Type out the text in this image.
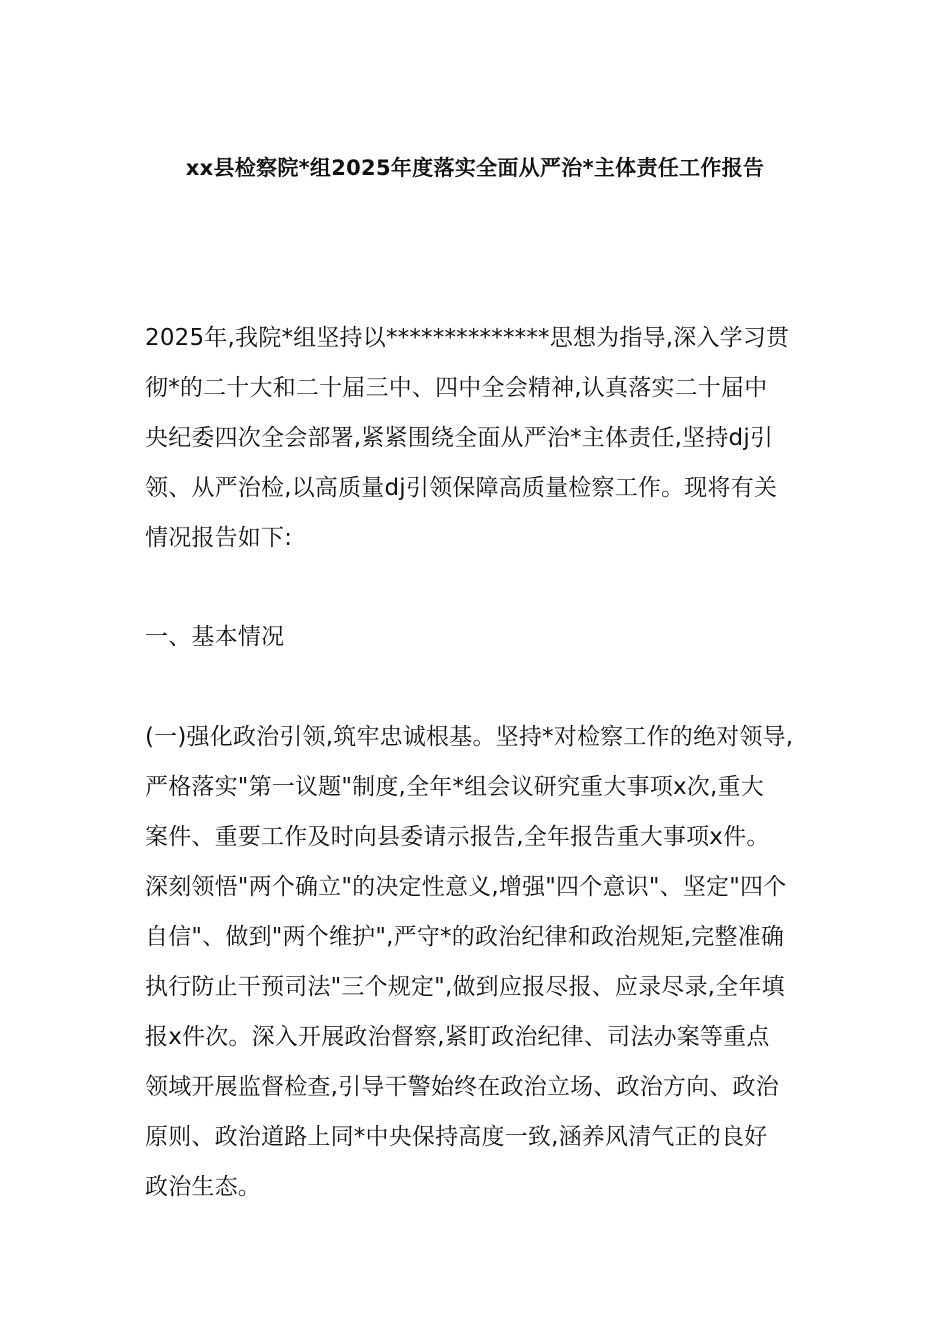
xx县检察院*组2025年度落实全面从严治*主体责任工作报告
2025年,我院*组坚持以**************思想为指导,深入学习贯
彻*的二十大和二十届三中、四中全会精神,认真落实二十届中
央纪委四次全会部署,紧紧围绕全面从严治*主体责任,坚持dj引
领、从严治检,以高质量dj引领保障高质量检察工作。现将有关
情况报告如下:
一、基本情况
(一)强化政治引领,筑牢忠诚根基。坚持*对检察工作的绝对领导,
严格落实"第一议题"制度,全年*组会议研究重大事项x次,重大
案件、重要工作及时向县委请示报告,全年报告重大事项x件。
深刻领悟"两个确立"的决定性意义,增强"四个意识"、坚定"四个
自信"、做到"两个维护",严守*的政治纪律和政治规矩,完整准确
执行防止干预司法"三个规定",做到应报尽报、应录尽录,全年填
报x件次。深入开展政治督察,紧盯政治纪律、司法办案等重点
领域开展监督检查,引导干警始终在政治立场、政治方向、政治
原则、政治道路上同*中央保持高度一致,涵养风清气正的良好
政治生态。
